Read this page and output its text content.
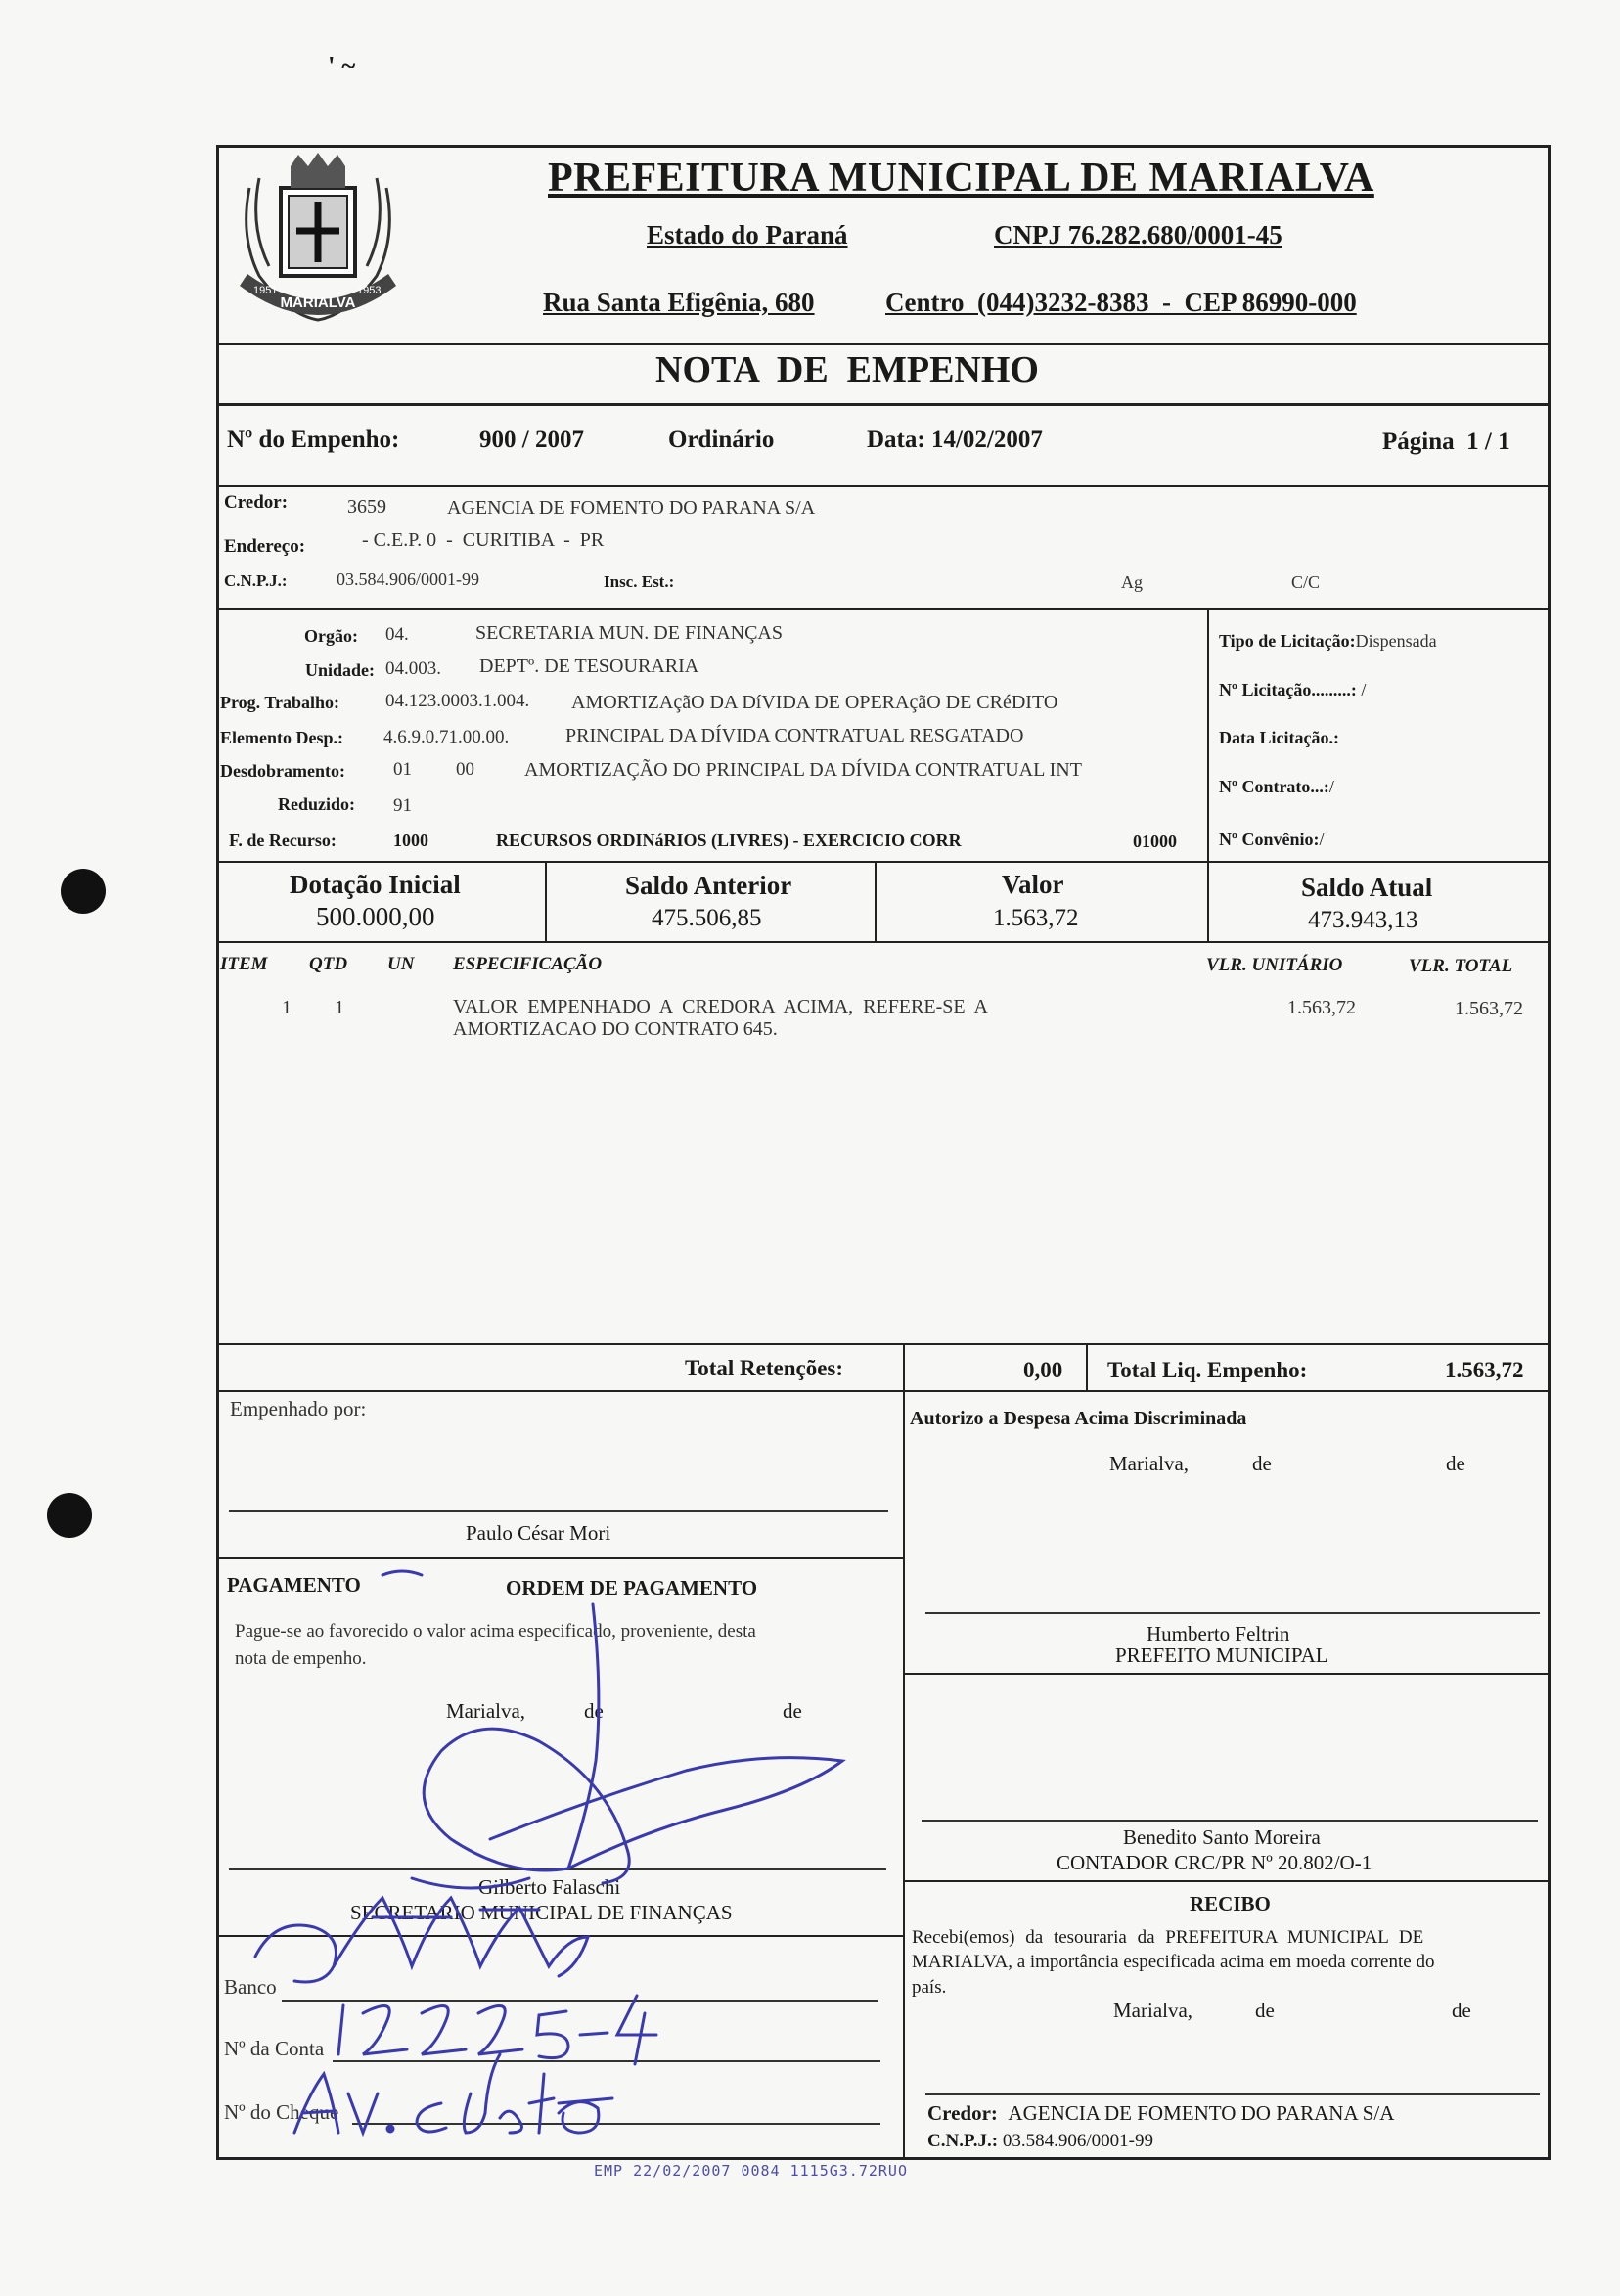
' ~
MARIALVA
1951	1953
PREFEITURA MUNICIPAL DE MARIALVA
Estado do Paraná	CNPJ 76.282.680/0001-45
Rua Santa Efigênia, 680	Centro  (044)3232-8383  -  CEP 86990-000
NOTA  DE  EMPENHO
Nº do Empenho:	900 / 2007	Ordinário	Data: 14/02/2007	Página  1 / 1
Credor:	3659	AGENCIA DE FOMENTO DO PARANA S/A
Endereço:	- C.E.P. 0  -  CURITIBA  -  PR
C.N.P.J.:	03.584.906/0001-99	Insc. Est.:	Ag	C/C
Orgão: 04.	SECRETARIA MUN. DE FINANÇAS
Unidade: 04.003. DEPTº. DE TESOURARIA
Prog. Trabalho: 04.123.0003.1.004. AMORTIZAçãO DA DíVIDA DE OPERAçãO DE CRéDITO
Elemento Desp.: 4.6.9.0.71.00.00.	PRINCIPAL DA DÍVIDA CONTRATUAL RESGATADO
Desdobramento:	01 00	AMORTIZAÇÃO DO PRINCIPAL DA DÍVIDA CONTRATUAL INT
Reduzido: 91
F. de Recurso:	1000	RECURSOS ORDINáRIOS (LIVRES) - EXERCICIO CORR	01000
Tipo de Licitação:Dispensada
Nº Licitação.........: /
Data Licitação.:
Nº Contrato...:/
Nº Convênio:/
Dotação Inicial
500.000,00
Saldo Anterior
475.506,85
Valor
1.563,72
Saldo Atual
473.943,13
ITEM QTD UN ESPECIFICAÇÃO	VLR. UNITÁRIO	VLR. TOTAL
1 1	VALOR  EMPENHADO  A  CREDORA  ACIMA,  REFERE-SE  A
AMORTIZACAO DO CONTRATO 645.
1.563,72	1.563,72
Total Retenções:	0,00 Total Liq. Empenho:	1.563,72
Empenhado por:
Paulo César Mori
Autorizo a Despesa Acima Discriminada
Marialva,	de	de
Humberto Feltrin
PREFEITO MUNICIPAL
Benedito Santo Moreira
CONTADOR CRC/PR Nº 20.802/O-1
PAGAMENTO	ORDEM DE PAGAMENTO
Pague-se ao favorecido o valor acima especificado, proveniente, desta
nota de empenho.
Marialva,	de	de
Gilberto Falaschi
SECRETARIO MUNICIPAL DE FINANÇAS
Banco
Nº da Conta
Nº do Cheque
RECIBO
Recebi(emos) da tesouraria da PREFEITURA MUNICIPAL DE
MARIALVA, a importância especificada acima em moeda corrente do
país.
Marialva,	de	de
Credor: AGENCIA DE FOMENTO DO PARANA S/A
C.N.P.J.: 03.584.906/0001-99
EMP 22/02/2007 0084 1115G3.72RUO
